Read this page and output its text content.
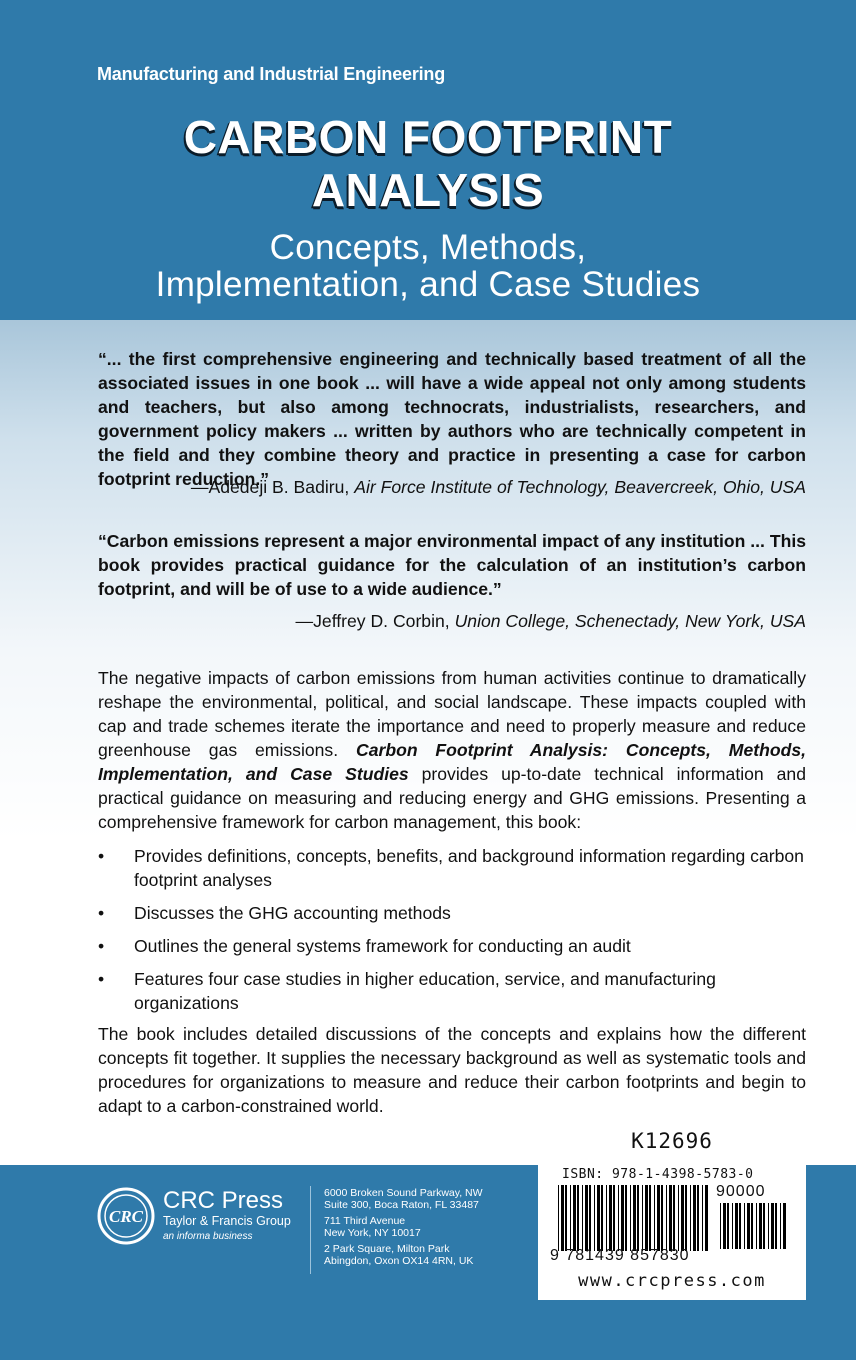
Manufacturing and Industrial Engineering
CARBON FOOTPRINT
ANALYSIS
Concepts, Methods,
Implementation, and Case Studies
“... the first comprehensive engineering and technically based treatment of all the associated issues in one book ... will have a wide appeal not only among students and teachers, but also among technocrats, industrialists, researchers, and government policy makers ... written by authors who are technically competent in the field and they combine theory and practice in presenting a case for carbon footprint reduction.”
—Adedeji B. Badiru, Air Force Institute of Technology, Beavercreek, Ohio, USA
“Carbon emissions represent a major environmental impact of any institution ... This book provides practical guidance for the calculation of an institution’s carbon footprint, and will be of use to a wide audience.”
—Jeffrey D. Corbin, Union College, Schenectady, New York, USA
The negative impacts of carbon emissions from human activities continue to dramatically reshape the environmental, political, and social landscape. These impacts coupled with cap and trade schemes iterate the importance and need to properly measure and reduce greenhouse gas emissions. Carbon Footprint Analysis: Concepts, Methods, Implementation, and Case Studies provides up-to-date technical information and practical guidance on measuring and reducing energy and GHG emissions. Presenting a comprehensive framework for carbon management, this book:
• Provides definitions, concepts, benefits, and background information regarding carbon footprint analyses
• Discusses the GHG accounting methods
• Outlines the general systems framework for conducting an audit
• Features four case studies in higher education, service, and manufacturing organizations
The book includes detailed discussions of the concepts and explains how the different concepts fit together. It supplies the necessary background as well as systematic tools and procedures for organizations to measure and reduce their carbon footprints and begin to adapt to a carbon-constrained world.
CRC
CRC Press
Taylor & Francis Group
an informa business
6000 Broken Sound Parkway, NW
Suite 300, Boca Raton, FL 33487
711 Third Avenue
New York, NY 10017
2 Park Square, Milton Park
Abingdon, Oxon OX14 4RN, UK
K12696
ISBN: 978-1-4398-5783-0
90000
9 781439 857830
www.crcpress.com
